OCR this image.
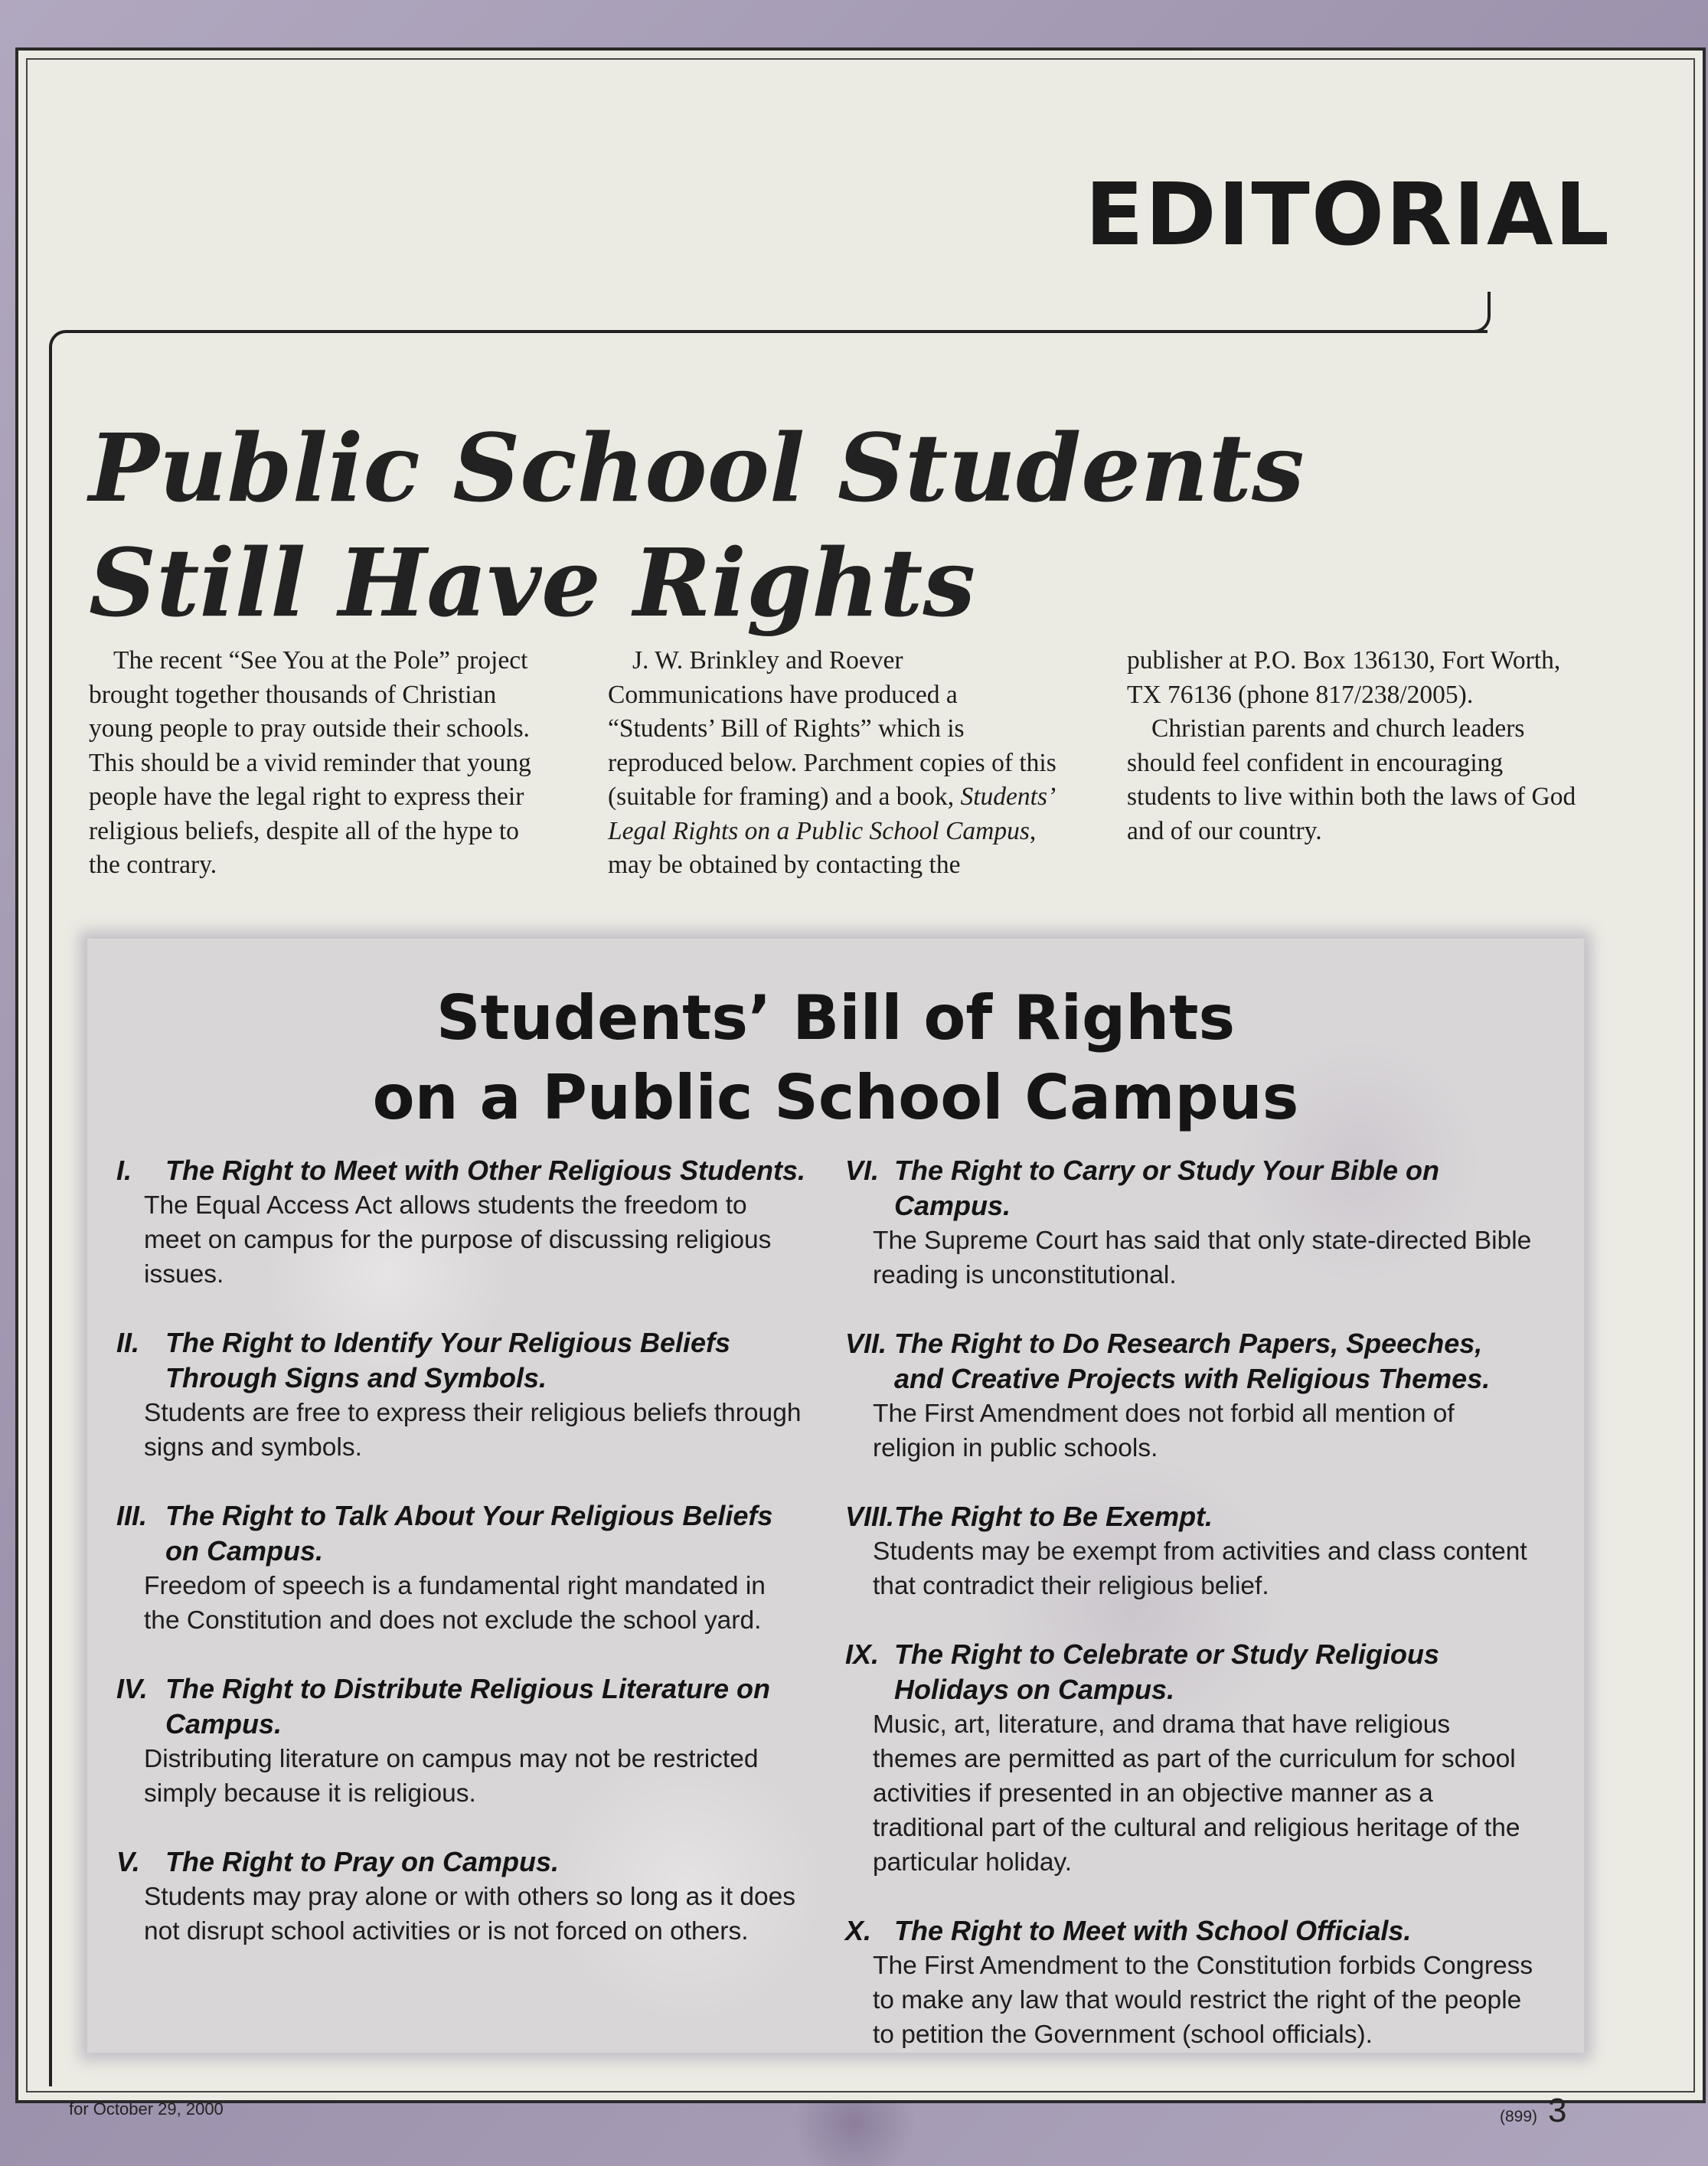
EDITORIAL
Public School Students
Still Have Rights

The recent “See You at the Pole” project brought together thousands of Christian young people to pray outside their schools. This should be a vivid reminder that young people have the legal right to express their religious beliefs, despite all of the hype to the contrary.

J. W. Brinkley and Roever Communications have produced a “Students’ Bill of Rights” which is reproduced below. Parchment copies of this (suitable for framing) and a book, Students’ Legal Rights on a Public School Campus, may be obtained by contacting the

publisher at P.O. Box 136130, Fort Worth, TX 76136 (phone 817/238/2005).

Christian parents and church leaders should feel confident in encouraging students to live within both the laws of God and of our country.

Students’ Bill of Rights
on a Public School Campus
I.	The Right to Meet with Other Religious Students.
The Equal Access Act allows students the freedom to meet on campus for the purpose of discussing religious issues.
II. The Right to Identify Your Religious Beliefs Through Signs and Symbols.
Students are free to express their religious beliefs through signs and symbols.
III. The Right to Talk About Your Religious Beliefs on Campus.
Freedom of speech is a fundamental right mandated in the Constitution and does not exclude the school yard.
IV. The Right to Distribute Religious Literature on Campus.
Distributing literature on campus may not be restricted simply because it is religious.
V. The Right to Pray on Campus.
Students may pray alone or with others so long as it does not disrupt school activities or is not forced on others.
VI. The Right to Carry or Study Your Bible on Campus.
The Supreme Court has said that only state-directed Bible reading is unconstitutional.
VII. The Right to Do Research Papers, Speeches, and Creative Projects with Religious Themes.
The First Amendment does not forbid all mention of religion in public schools.
VIII. The Right to Be Exempt.
Students may be exempt from activities and class content that contradict their religious belief.
IX. The Right to Celebrate or Study Religious Holidays on Campus.
Music, art, literature, and drama that have religious themes are permitted as part of the curriculum for school activities if presented in an objective manner as a traditional part of the cultural and religious heritage of the particular holiday.
X. The Right to Meet with School Officials.
The First Amendment to the Constitution forbids Congress to make any law that would restrict the right of the people to petition the Government (school officials).
for October 29, 2000	(899) 3
